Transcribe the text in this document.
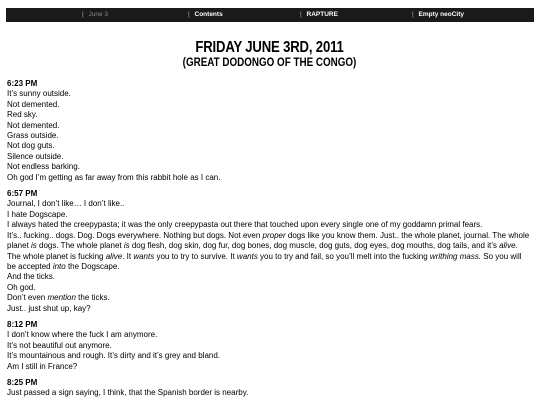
| June 3	| Contents	| RAPTURE	| Empty neoCity
FRIDAY JUNE 3RD, 2011
(GREAT DODONGO OF THE CONGO)
6:23 PM
It’s sunny outside.
Not demented.
Red sky.
Not demented.
Grass outside.
Not dog guts.
Silence outside.
Not endless barking.
Oh god I’m getting as far away from this rabbit hole as I can.
6:57 PM
Journal, I don’t like… I don’t like..
I hate Dogscape.
I always hated the creepypasta; it was the only creepypasta out there that touched upon every single one of my goddamn primal fears.
It’s.. fucking.. dogs. Dog. Dogs everywhere. Nothing but dogs. Not even proper dogs like you know them. Just.. the whole planet, journal. The whole planet is dogs. The whole planet is dog flesh, dog skin, dog fur, dog bones, dog muscle, dog guts, dog eyes, dog mouths, dog tails, and it’s alive. The whole planet is fucking alive. It wants you to try to survive. It wants you to try and fail, so you’ll melt into the fucking writhing mass. So you will be accepted into the Dogscape.
And the ticks.
Oh god.
Don’t even mention the ticks.
Just.. just shut up, kay?
8:12 PM
I don’t know where the fuck I am anymore.
It’s not beautiful out anymore.
It’s mountainous and rough. It’s dirty and it’s grey and bland.
Am I still in France?
8:25 PM
Just passed a sign saying, I think, that the Spanish border is nearby.
